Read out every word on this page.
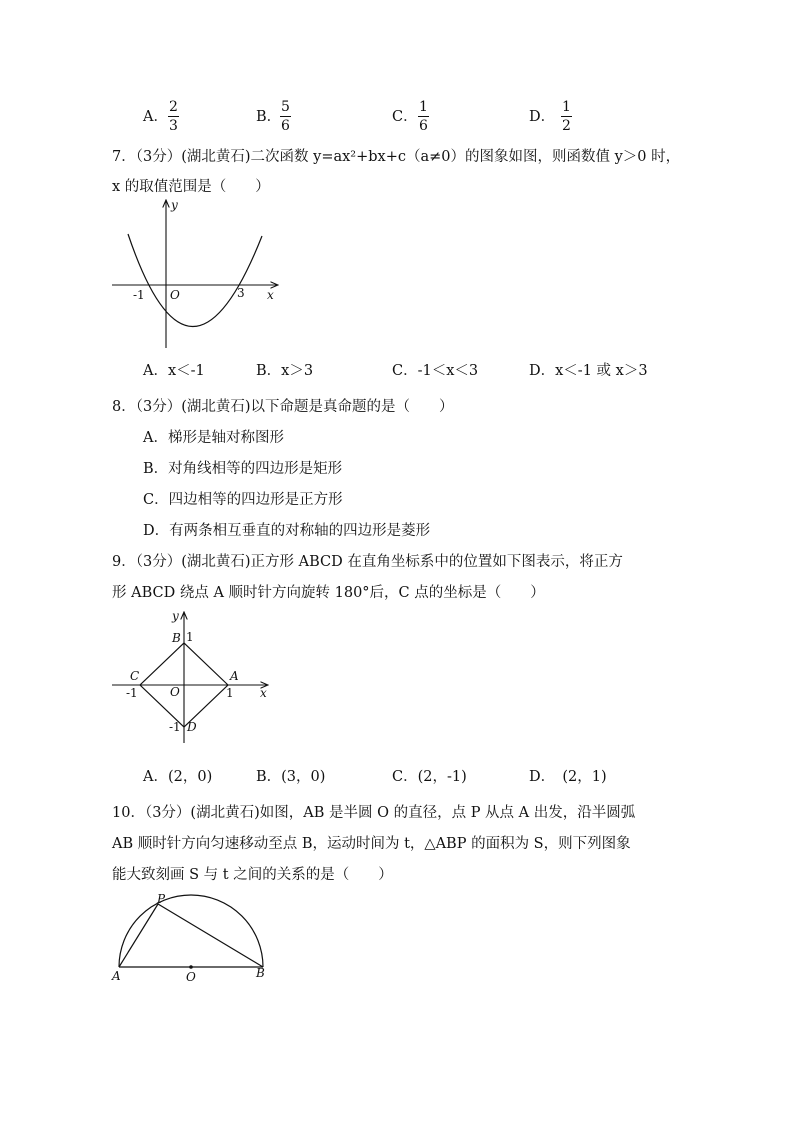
A．
2
3
B．
5
6
C．
1
6
D．
1
2
7．（3分）(湖北黄石)二次函数 y=ax²+bx+c（a≠0）的图象如图，则函数值 y＞0 时，
x 的取值范围是（　　）
y
x
O
-1	3
A．x＜-1	B．x＞3	C．-1＜x＜3	D．x＜-1 或 x＞3
8．（3分）(湖北黄石)以下命题是真命题的是（　　）
A．梯形是轴对称图形
B．对角线相等的四边形是矩形
C．四边相等的四边形是正方形
D．有两条相互垂直的对称轴的四边形是菱形
9．（3分）(湖北黄石)正方形 ABCD 在直角坐标系中的位置如下图表示，将正方
形 ABCD 绕点 A 顺时针方向旋转 180°后，C 点的坐标是（　　）
y
x
O
B 1
C
-1
A
1
-1 D
A．(2，0)	B．(3，0)	C．(2，-1)	D．　(2，1)
10．（3分）(湖北黄石)如图，AB 是半圆 O 的直径，点 P 从点 A 出发，沿半圆弧
AB 顺时针方向匀速移动至点 B，运动时间为 t，△ABP 的面积为 S，则下列图象
能大致刻画 S 与 t 之间的关系的是（　　）
P
A	B
O
